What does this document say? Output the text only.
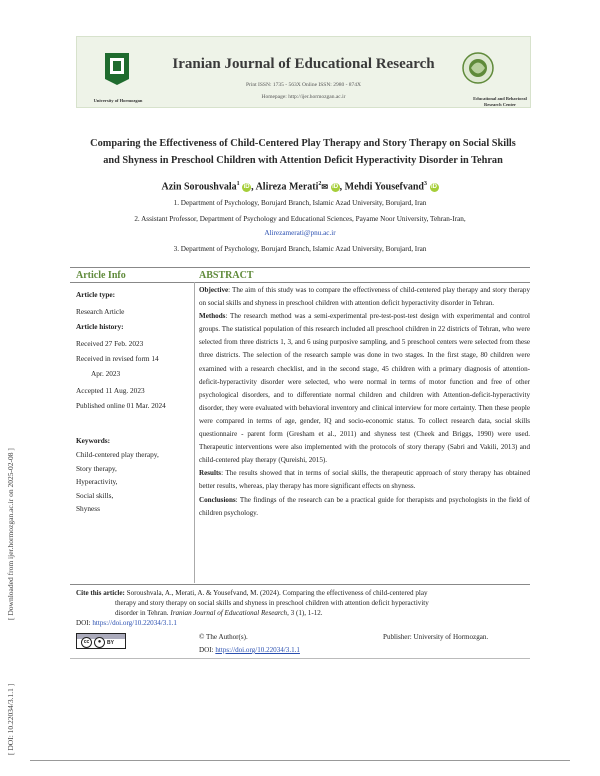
[ Downloaded from ijer.hormozgan.ac.ir on 2025-02-08 ]
[ DOI: 10.22034/3.1.1 ]
Iranian Journal of Educational Research
Print ISSN: 1735 - 563X Online ISSN: 2980 - 874X
Homepage: http://ijer.hormozgan.ac.ir
University of Hormozgan	Educational and Behavioral Research Center
Comparing the Effectiveness of Child-Centered Play Therapy and Story Therapy on Social Skills
and Shyness in Preschool Children with Attention Deficit Hyperactivity Disorder in Tehran
Azin Soroushvala$^1$ iD , Alireza Merati$^2$✉ iD , Mehdi Yousefvand$^3$ iD
1. Department of Psychology, Borujard Branch, Islamic Azad University, Borujard, Iran
2. Assistant Professor, Department of Psychology and Educational Sciences, Payame Noor University, Tehran-Iran,
Alirezamerati@pnu.ac.ir
3. Department of Psychology, Borujard Branch, Islamic Azad University, Borujard, Iran
Article Info	ABSTRACT
Article type:
Research Article
Article history:
Received 27 Feb. 2023
Received in revised form 14
Apr. 2023
Accepted 11 Aug. 2023
Published online 01 Mar. 2024
Keywords:
Child-centered play therapy,
Story therapy,
Hyperactivity,
Social skills,
Shyness
Objective: The aim of this study was to compare the effectiveness of child-centered play therapy and story therapy on social skills and shyness in preschool children with attention deficit hyperactivity disorder in Tehran.
Methods: The research method was a semi-experimental pre-test-post-test design with experimental and control groups. The statistical population of this research included all preschool children in 22 districts of Tehran, who were selected from three districts 1, 3, and 6 using purposive sampling, and 5 preschool centers were selected from these three districts. The selection of the research sample was done in two stages. In the first stage, 80 children were examined with a research checklist, and in the second stage, 45 children with a primary diagnosis of attention-deficit-hyperactivity disorder were selected, who were normal in terms of motor function and free of other psychological disorders, and to differentiate normal children and children with Attention-deficit-hyperactivity disorder, they were evaluated with behavioral inventory and clinical interview for more certainty. Then these people were compared in terms of age, gender, IQ and socio-economic status. To collect research data, social skills questionnaire - parent form (Gresham et al., 2011) and shyness test (Cheek and Briggs, 1990) were used. Therapeutic interventions were also implemented with the protocols of story therapy (Sabri and Vakili, 2013) and child-centered play therapy (Qureishi, 2015).
Results: The results showed that in terms of social skills, the therapeutic approach of story therapy has obtained better results, whereas, play therapy has more significant effects on shyness.
Conclusions: The findings of the research can be a practical guide for therapists and psychologists in the field of children psychology.
Cite this article: Soroushvala, A., Merati, A. & Yousefvand, M. (2024). Comparing the effectiveness of child-centered play
therapy and story therapy on social skills and shyness in preschool children with attention deficit hyperactivity
disorder in Tehran. Iranian Journal of Educational Research, 3 (1), 1-12.
DOI: https://doi.org/10.22034/3.1.1
cc	●	BY
© The Author(s).	Publisher: University of Hormozgan.
DOI: https://doi.org/10.22034/3.1.1
